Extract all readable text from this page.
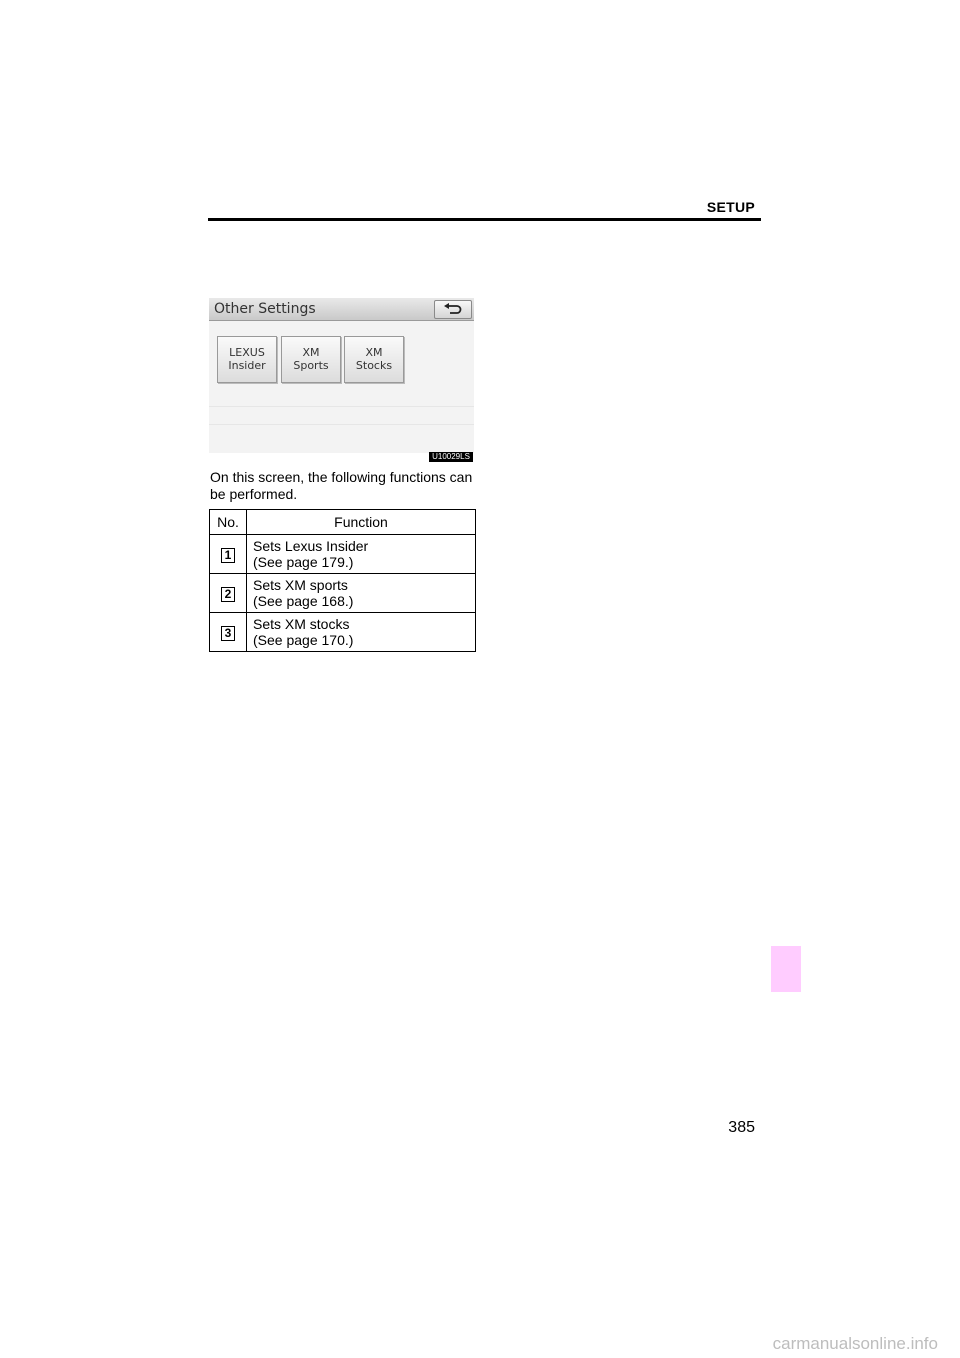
SETUP
Other Settings
LEXUS
Insider
XM
Sports
XM
Stocks
U10029LS
On this screen, the following functions can be performed.
No.	Function
1	Sets Lexus Insider
(See page 179.)

2	Sets XM sports
(See page 168.)

3	Sets XM stocks
(See page 170.)
385
carmanualsonline.info
